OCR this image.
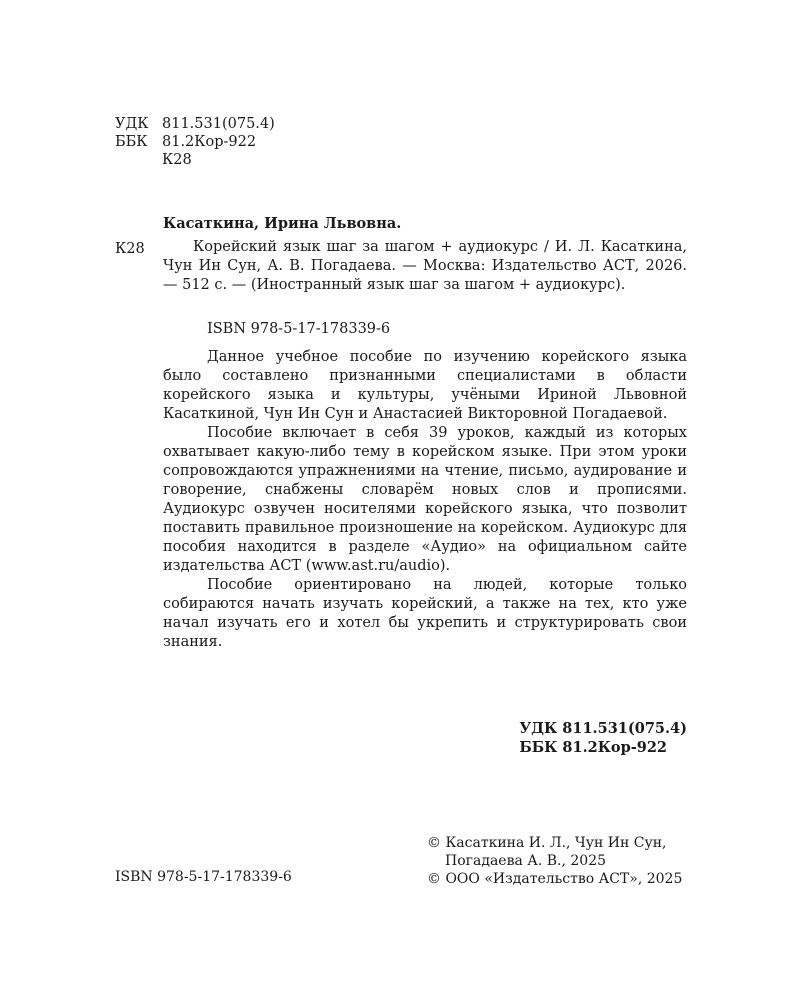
УДК 811.531(075.4)
ББК 81.2Кор-922
К28
Касаткина, Ирина Львовна.
К28	Корейский язык шаг за шагом + аудиокурс / И. Л. Касаткина, Чун Ин Сун, А. В. Погадаева. — Москва: Издательство АСТ, 2026. — 512 с. — (Иностранный язык шаг за шагом + аудиокурс).
ISBN 978-5-17-178339-6

Данное учебное пособие по изучению корейского языка было составлено признанными специалистами в области корейского языка и культуры, учёными Ириной Львовной Касаткиной, Чун Ин Сун и Анастасией Викторовной Погадаевой.

Пособие включает в себя 39 уроков, каждый из которых охватывает какую-либо тему в корейском языке. При этом уроки сопровождаются упражнениями на чтение, письмо, аудирование и говорение, снабжены словарём новых слов и прописями. Аудиокурс озвучен носителями корейского языка, что позволит поставить правильное произношение на корейском. Аудиокурс для пособия находится в разделе «Аудио» на официальном сайте издательства АСТ (www.ast.ru/audio).

Пособие ориентировано на людей, которые только собираются начать изучать корейский, а также на тех, кто уже начал изучать его и хотел бы укрепить и структурировать свои знания.

УДК 811.531(075.4)
ББК 81.2Кор-922
ISBN 978-5-17-178339-6
© Касаткина И. Л., Чун Ин Сун,
Погадаева А. В., 2025
© ООО «Издательство АСТ», 2025
